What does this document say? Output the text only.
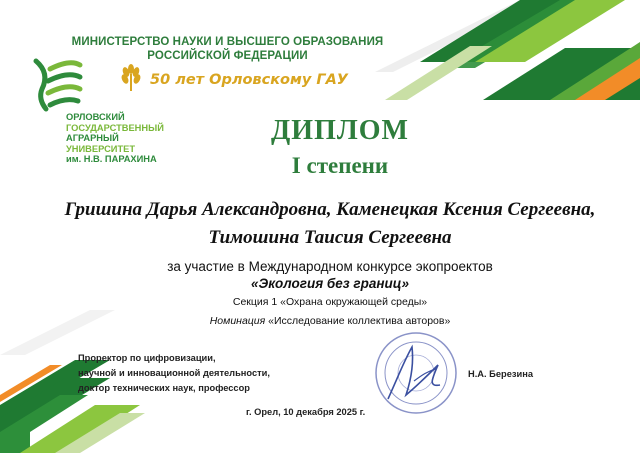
МИНИСТЕРСТВО НАУКИ И ВЫСШЕГО ОБРАЗОВАНИЯ
РОССИЙСКОЙ ФЕДЕРАЦИИ
50 лет Орловскому ГАУ
ОРЛОВСКИЙ
ГОСУДАРСТВЕННЫЙ
АГРАРНЫЙ
УНИВЕРСИТЕТ
им. Н.В. ПАРАХИНА
ДИПЛОМ
I степени
Гришина Дарья Александровна, Каменецкая Ксения Сергеевна,
Тимошина Таисия Сергеевна
за участие в Международном конкурсе экопроектов
«Экология без границ»
Секция 1 «Охрана окружающей среды»
Номинация «Исследование коллектива авторов»
Проректор по цифровизации,
научной и инновационной деятельности,
доктор технических наук, профессор
Н.А. Березина
г. Орел, 10 декабря 2025 г.
